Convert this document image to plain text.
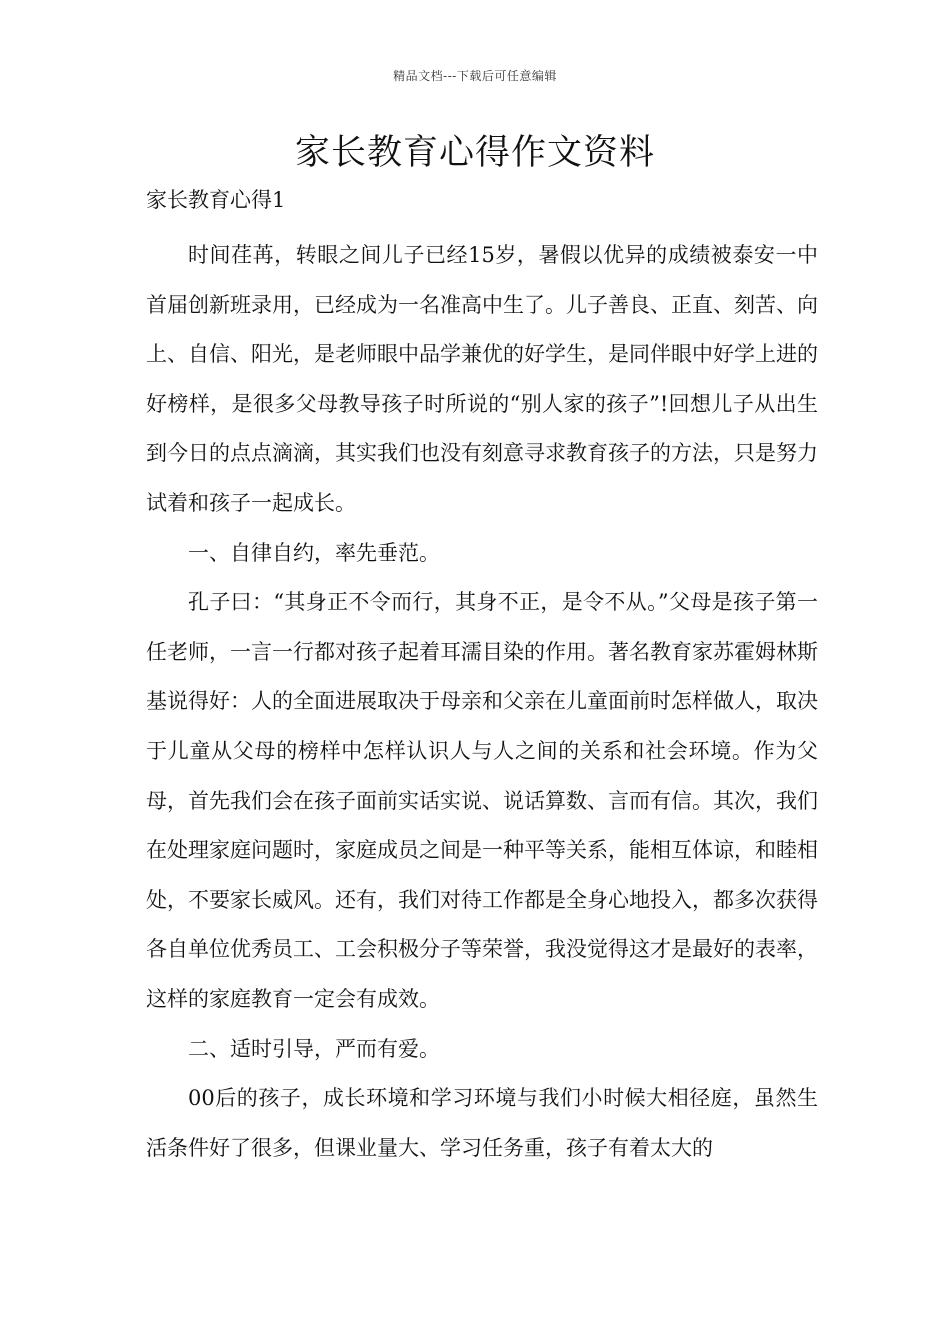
精品文档---下载后可任意编辑
家长教育心得作文资料

家长教育心得1

时间荏苒，转眼之间儿子已经15岁，暑假以优异的成绩被泰安一中首届创新班录用，已经成为一名准高中生了。儿子善良、正直、刻苦、向上、自信、阳光，是老师眼中品学兼优的好学生，是同伴眼中好学上进的好榜样，是很多父母教导孩子时所说的“别人家的孩子”!回想儿子从出生到今日的点点滴滴，其实我们也没有刻意寻求教育孩子的方法，只是努力试着和孩子一起成长。

一、自律自约，率先垂范。

孔子曰：“其身正不令而行，其身不正，是令不从。”父母是孩子第一任老师，一言一行都对孩子起着耳濡目染的作用。著名教育家苏霍姆林斯基说得好：人的全面进展取决于母亲和父亲在儿童面前时怎样做人，取决于儿童从父母的榜样中怎样认识人与人之间的关系和社会环境。作为父母，首先我们会在孩子面前实话实说、说话算数、言而有信。其次，我们在处理家庭问题时，家庭成员之间是一种平等关系，能相互体谅，和睦相处，不要家长威风。还有，我们对待工作都是全身心地投入，都多次获得各自单位优秀员工、工会积极分子等荣誉，我没觉得这才是最好的表率，这样的家庭教育一定会有成效。

二、适时引导，严而有爱。

00后的孩子，成长环境和学习环境与我们小时候大相径庭，虽然生活条件好了很多，但课业量大、学习任务重，孩子有着太大的
